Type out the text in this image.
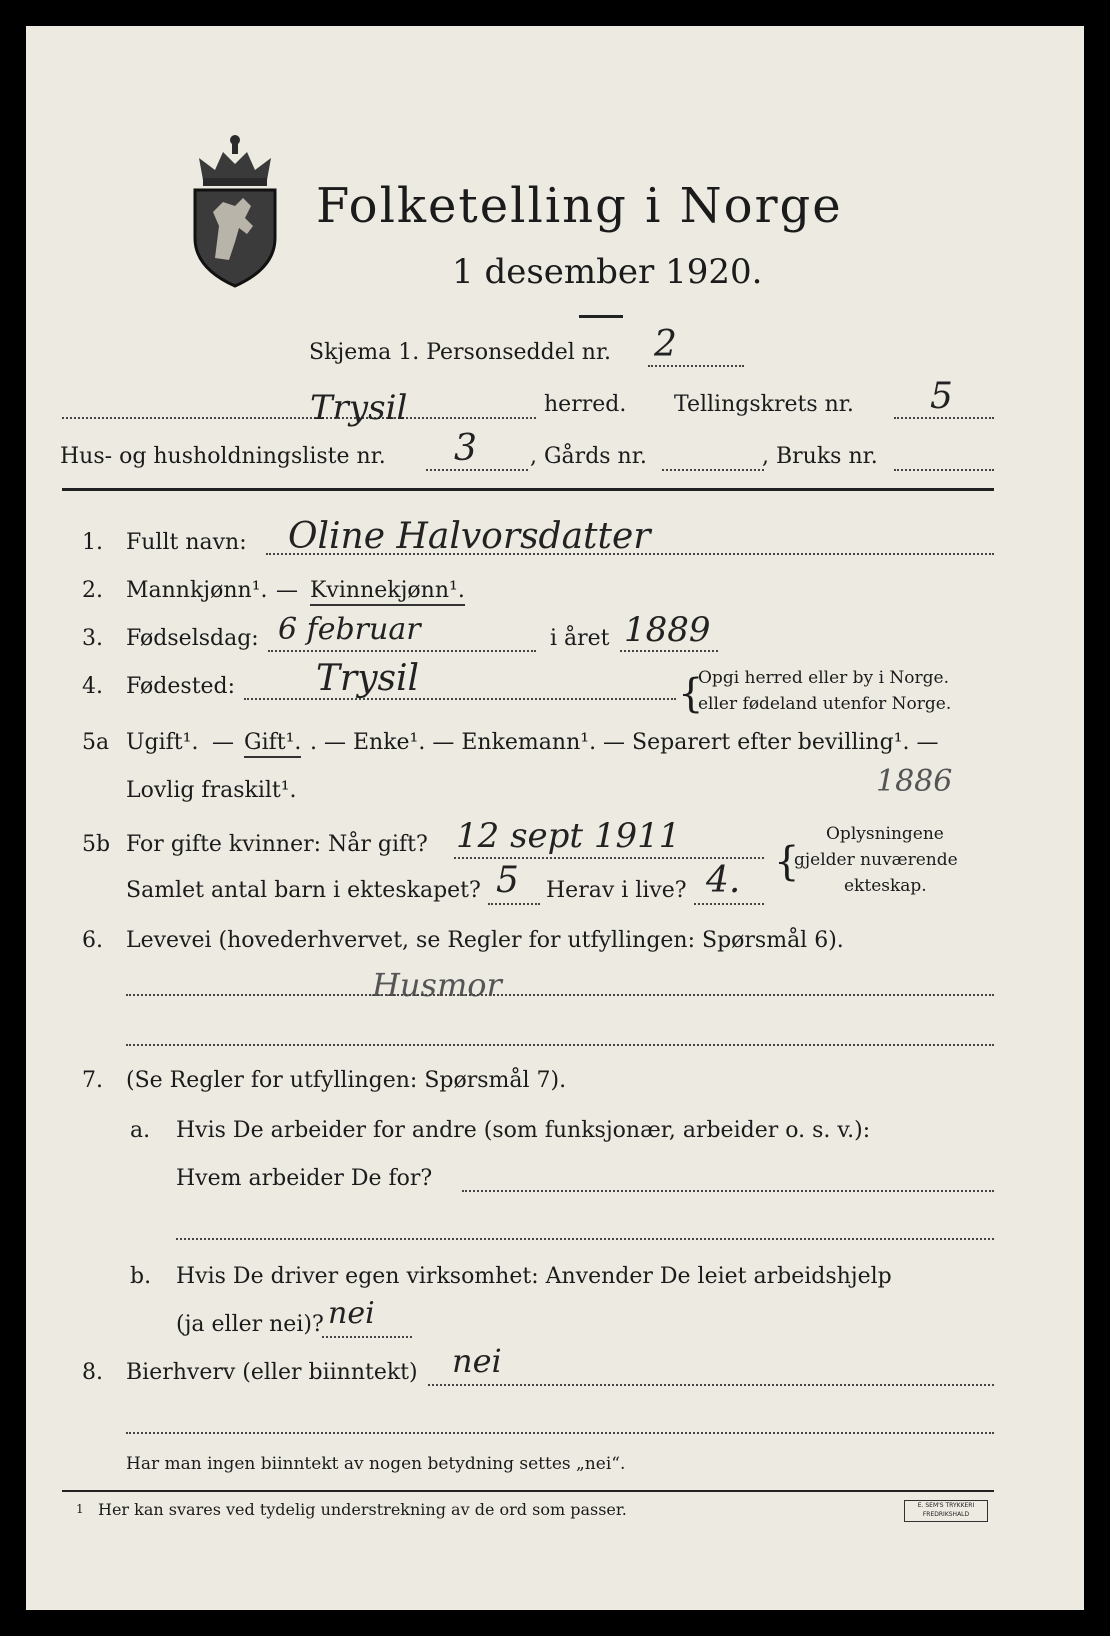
Folketelling i Norge
1 desember 1920.
Skjema 1. Personseddel nr. 2
Trysil	herred. Tellingskrets nr. 5
Hus- og husholdningsliste nr. 3 , Gårds nr.	, Bruks nr.
1. Fullt navn: Oline Halvorsdatter
2. Mannkjønn¹. — Kvinnekjønn¹.
3. Fødselsdag: 6 februar	i året 1889
4. Fødested: Trysil	{
Opgi herred eller by i Norge.
eller fødeland utenfor Norge.
5a Ugift¹. — Gift¹. . — Enke¹. — Enkemann¹. — Separert efter bevilling¹. —
Lovlig fraskilt¹.	1886
5b For gifte kvinner: Når gift? 12 sept 1911
Samlet antal barn i ekteskapet? 5 Herav i live? 4. {
Oplysningene
gjelder nuværende
ekteskap.
6. Levevei (hovederhvervet, se Regler for utfyllingen: Spørsmål 6).
Husmor
7. (Se Regler for utfyllingen: Spørsmål 7).
a. Hvis De arbeider for andre (som funksjonær, arbeider o. s. v.):
Hvem arbeider De for?
b. Hvis De driver egen virksomhet: Anvender De leiet arbeidshjelp
(ja eller nei)? nei
8. Bierhverv (eller biinntekt) nei
Har man ingen biinntekt av nogen betydning settes „nei“.
1 Her kan svares ved tydelig understrekning av de ord som passer.	E. SEM'S TRYKKERI
FREDRIKSHALD
